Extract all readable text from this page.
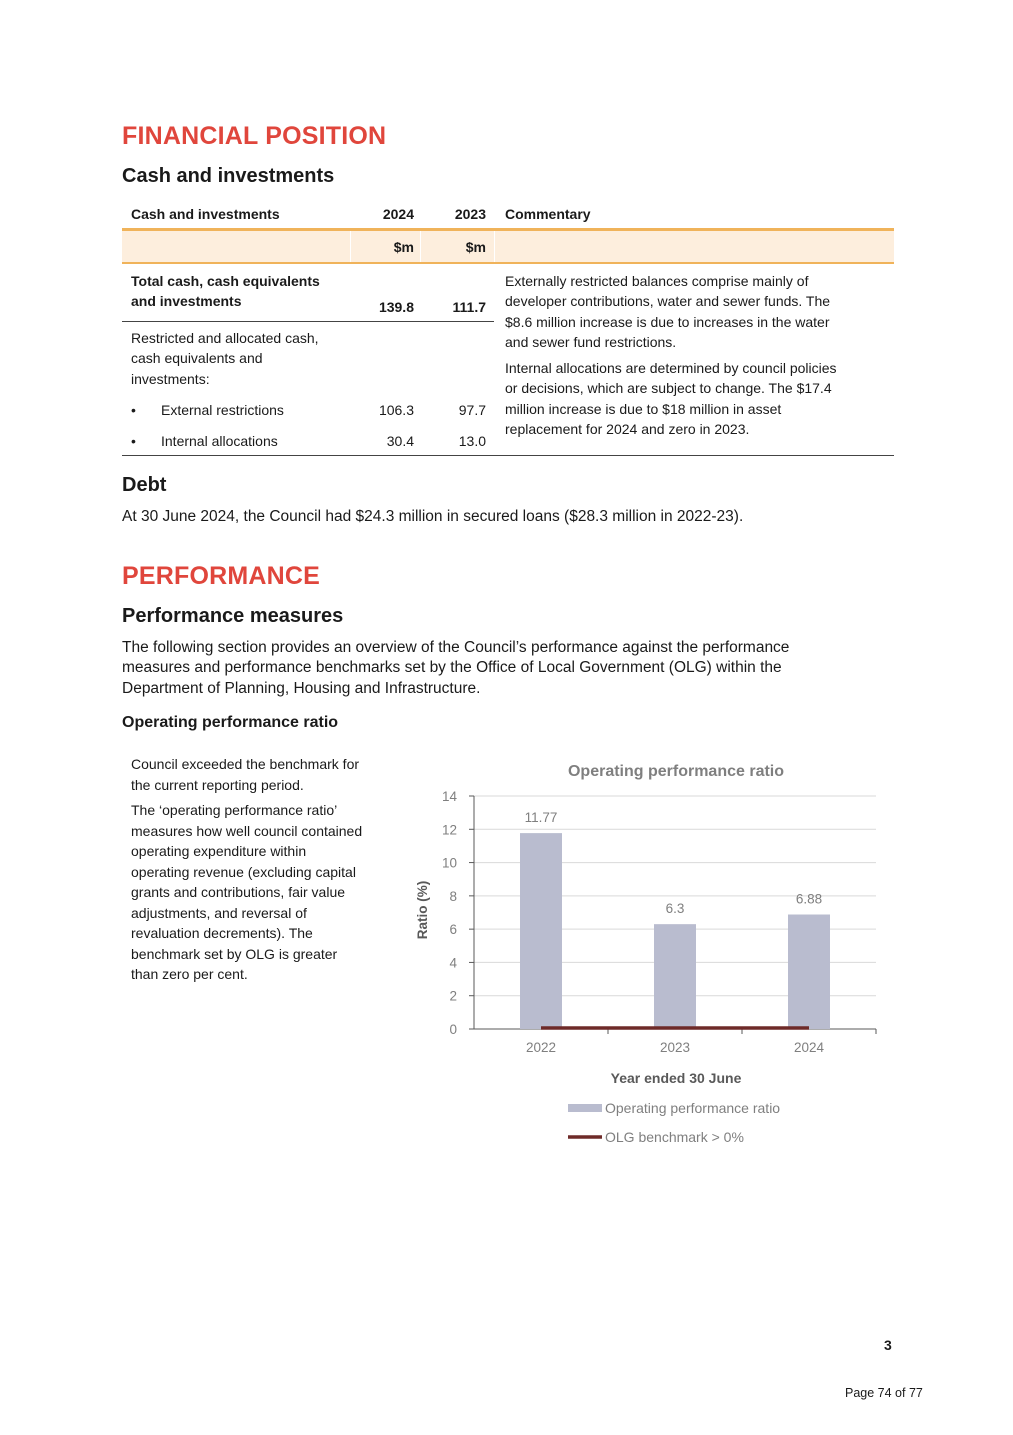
FINANCIAL POSITION
Cash and investments
Cash and investments	2024	2023 Commentary
$m	$m
Total cash, cash equivalents
and investments	139.8	111.7
Restricted and allocated cash,
cash equivalents and
investments:
• External restrictions	106.3	97.7
• Internal allocations	30.4	13.0
Externally restricted balances comprise mainly of
developer contributions, water and sewer funds. The
$8.6 million increase is due to increases in the water
and sewer fund restrictions.
Internal allocations are determined by council policies
or decisions, which are subject to change. The $17.4
million increase is due to $18 million in asset
replacement for 2024 and zero in 2023.
Debt
At 30 June 2024, the Council had $24.3 million in secured loans ($28.3 million in 2022-23).
PERFORMANCE
Performance measures
The following section provides an overview of the Council’s performance against the performance
measures and performance benchmarks set by the Office of Local Government (OLG) within the
Department of Planning, Housing and Infrastructure.
Operating performance ratio
Council exceeded the benchmark for
the current reporting period.
The ‘operating performance ratio’
measures how well council contained
operating expenditure within
operating revenue (excluding capital
grants and contributions, fair value
adjustments, and reversal of
revaluation decrements). The
benchmark set by OLG is greater
than zero per cent.
Operating performance ratio
0
2
4
6
8
10
12
14
11.77
6.3
6.88
2022	2023	2024
Ratio (%)
Year ended 30 June
Operating performance ratio
OLG benchmark > 0%
3
Page 74 of 77
